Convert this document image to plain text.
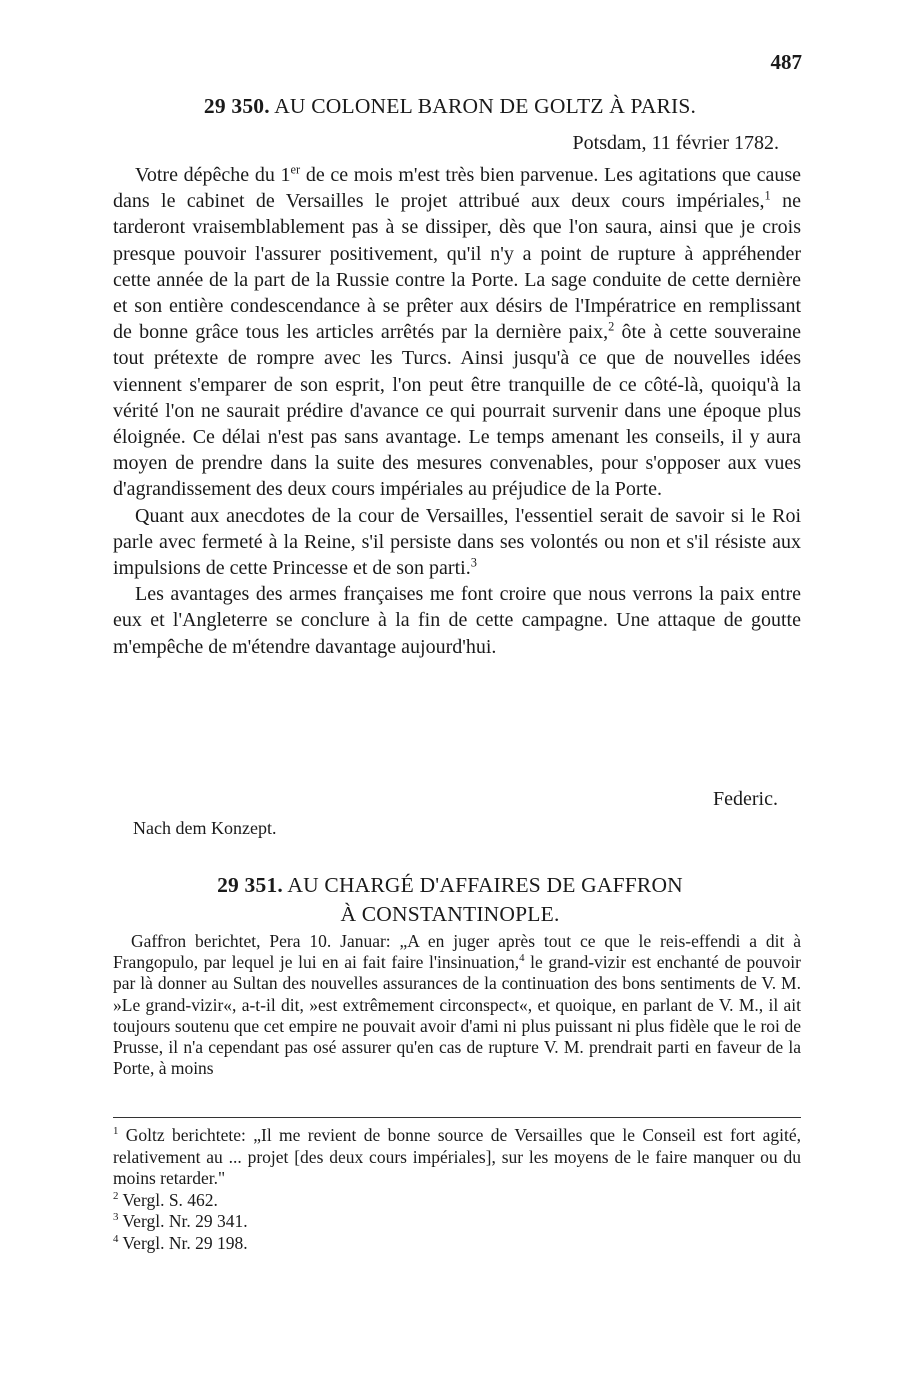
487
29 350. AU COLONEL BARON DE GOLTZ À PARIS.
Potsdam, 11 février 1782.

Votre dépêche du 1er de ce mois m'est très bien parvenue. Les agitations que cause dans le cabinet de Versailles le projet attribué aux deux cours impériales,$^1$ ne tarderont vraisemblablement pas à se dissiper, dès que l'on saura, ainsi que je crois presque pouvoir l'assurer positivement, qu'il n'y a point de rupture à appréhender cette année de la part de la Russie contre la Porte. La sage conduite de cette dernière et son entière condescendance à se prêter aux désirs de l'Impératrice en remplissant de bonne grâce tous les articles arrêtés par la dernière paix,$^2$ ôte à cette souveraine tout prétexte de rompre avec les Turcs. Ainsi jusqu'à ce que de nouvelles idées viennent s'emparer de son esprit, l'on peut être tranquille de ce côté-là, quoiqu'à la vérité l'on ne saurait prédire d'avance ce qui pourrait survenir dans une époque plus éloignée. Ce délai n'est pas sans avantage. Le temps amenant les conseils, il y aura moyen de prendre dans la suite des mesures convenables, pour s'opposer aux vues d'agrandissement des deux cours impériales au préjudice de la Porte.

Quant aux anecdotes de la cour de Versailles, l'essentiel serait de savoir si le Roi parle avec fermeté à la Reine, s'il persiste dans ses volontés ou non et s'il résiste aux impulsions de cette Princesse et de son parti.$^3$

Les avantages des armes françaises me font croire que nous verrons la paix entre eux et l'Angleterre se conclure à la fin de cette campagne. Une attaque de goutte m'empêche de m'étendre davantage aujourd'hui.

Federic.
Nach dem Konzept.
29 351. AU CHARGÉ D'AFFAIRES DE GAFFRON
À CONSTANTINOPLE.
Gaffron berichtet, Pera 10. Januar: „A en juger après tout ce que le reis-effendi a dit à Frangopulo, par lequel je lui en ai fait faire l'insinuation,$^4$ le grand-vizir est enchanté de pouvoir par là donner au Sultan des nouvelles assurances de la continuation des bons sentiments de V. M. »Le grand-vizir«, a-t-il dit, »est extrêmement circonspect«, et quoique, en parlant de V. M., il ait toujours soutenu que cet empire ne pouvait avoir d'ami ni plus puissant ni plus fidèle que le roi de Prusse, il n'a cependant pas osé assurer qu'en cas de rupture V. M. prendrait parti en faveur de la Porte, à moins

$^1$ Goltz berichtete: „Il me revient de bonne source de Versailles que le Conseil est fort agité, relativement au ... projet [des deux cours impériales], sur les moyens de le faire manquer ou du moins retarder."

$^2$ Vergl. S. 462.

$^3$ Vergl. Nr. 29 341.

$^4$ Vergl. Nr. 29 198.
